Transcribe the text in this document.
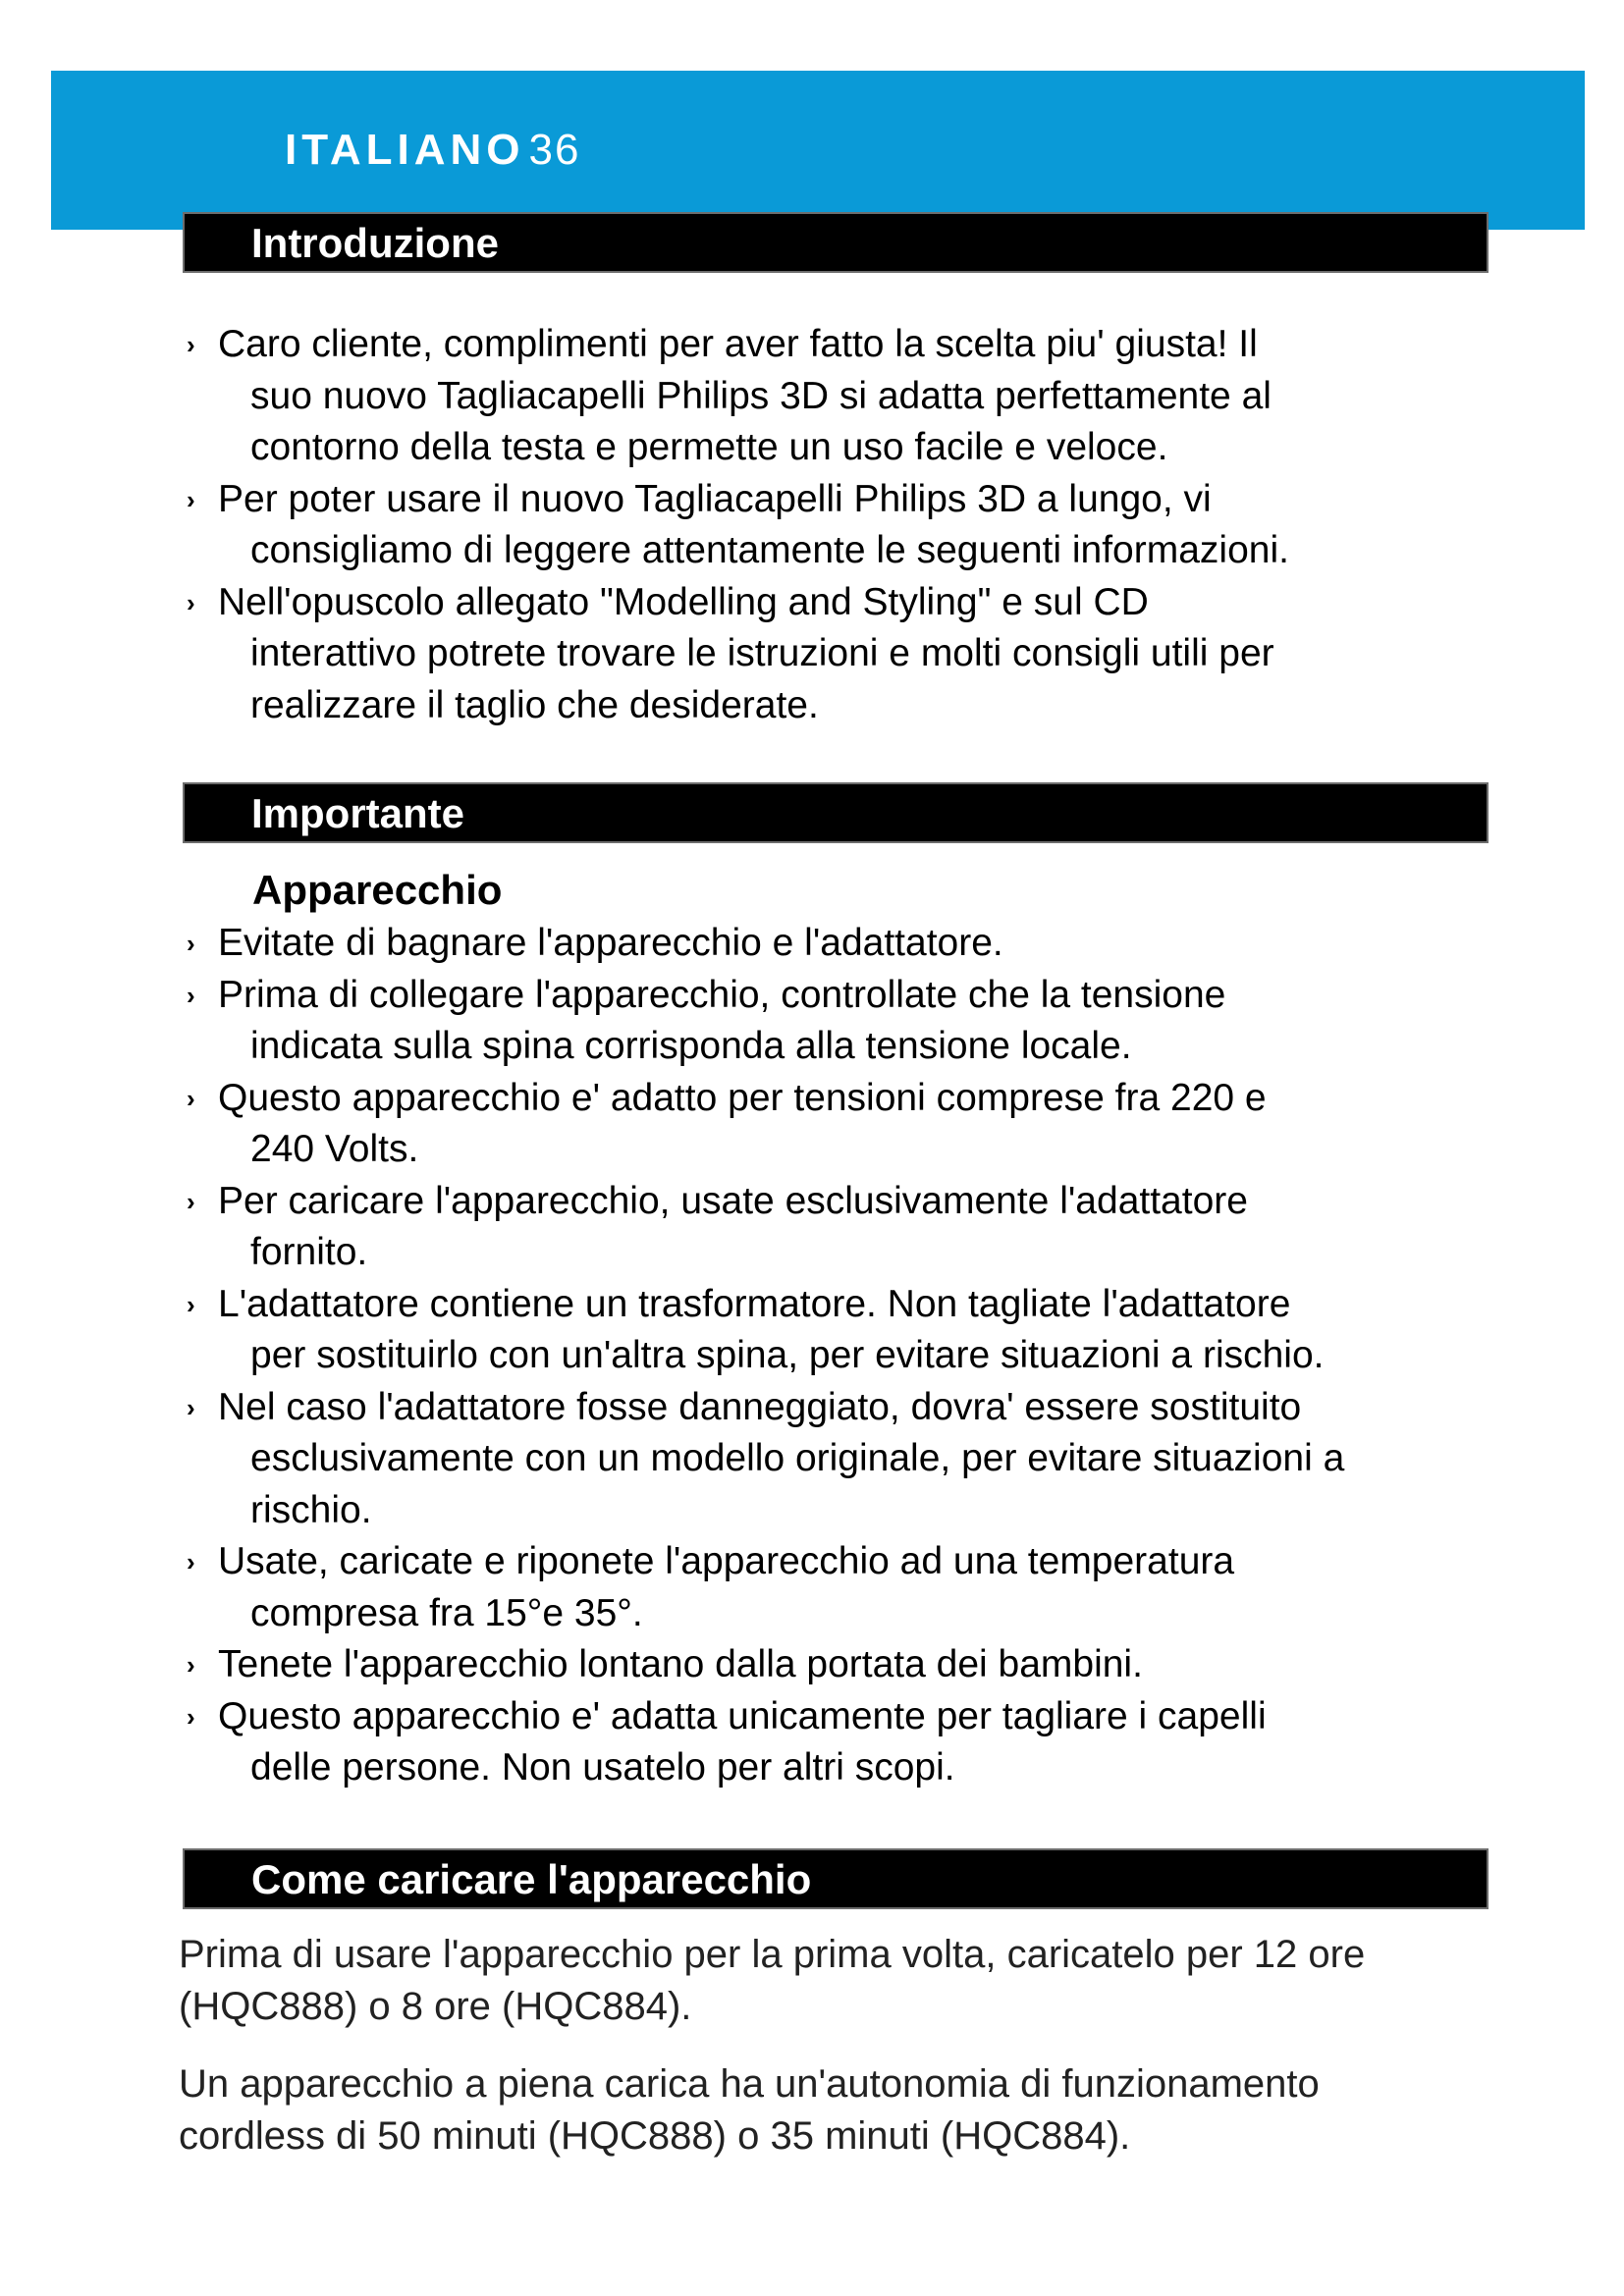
ITALIANO36
Introduzione
› Caro cliente, complimenti per aver fatto la scelta piu' giusta! Il
suo nuovo Tagliacapelli Philips 3D si adatta perfettamente al
contorno della testa e permette un uso facile e veloce.
› Per poter usare il nuovo Tagliacapelli Philips 3D a lungo, vi
consigliamo di leggere attentamente le seguenti informazioni.
› Nell'opuscolo allegato "Modelling and Styling" e sul CD
interattivo potrete trovare le istruzioni e molti consigli utili per
realizzare il taglio che desiderate.
Importante
Apparecchio
› Evitate di bagnare l'apparecchio e l'adattatore.
› Prima di collegare l'apparecchio, controllate che la tensione
indicata sulla spina corrisponda alla tensione locale.
› Questo apparecchio e' adatto per tensioni comprese fra 220 e
240 Volts.
› Per caricare l'apparecchio, usate esclusivamente l'adattatore
fornito.
› L'adattatore contiene un trasformatore. Non tagliate l'adattatore
per sostituirlo con un'altra spina, per evitare situazioni a rischio.
› Nel caso l'adattatore fosse danneggiato, dovra' essere sostituito
esclusivamente con un modello originale, per evitare situazioni a
rischio.
› Usate, caricate e riponete l'apparecchio ad una temperatura
compresa fra 15°e 35°.
› Tenete l'apparecchio lontano dalla portata dei bambini.
› Questo apparecchio e' adatta unicamente per tagliare i capelli
delle persone. Non usatelo per altri scopi.
Come caricare l'apparecchio
Prima di usare l'apparecchio per la prima volta, caricatelo per 12 ore
(HQC888) o 8 ore (HQC884).
Un apparecchio a piena carica ha un'autonomia di funzionamento
cordless di 50 minuti (HQC888) o 35 minuti (HQC884).
